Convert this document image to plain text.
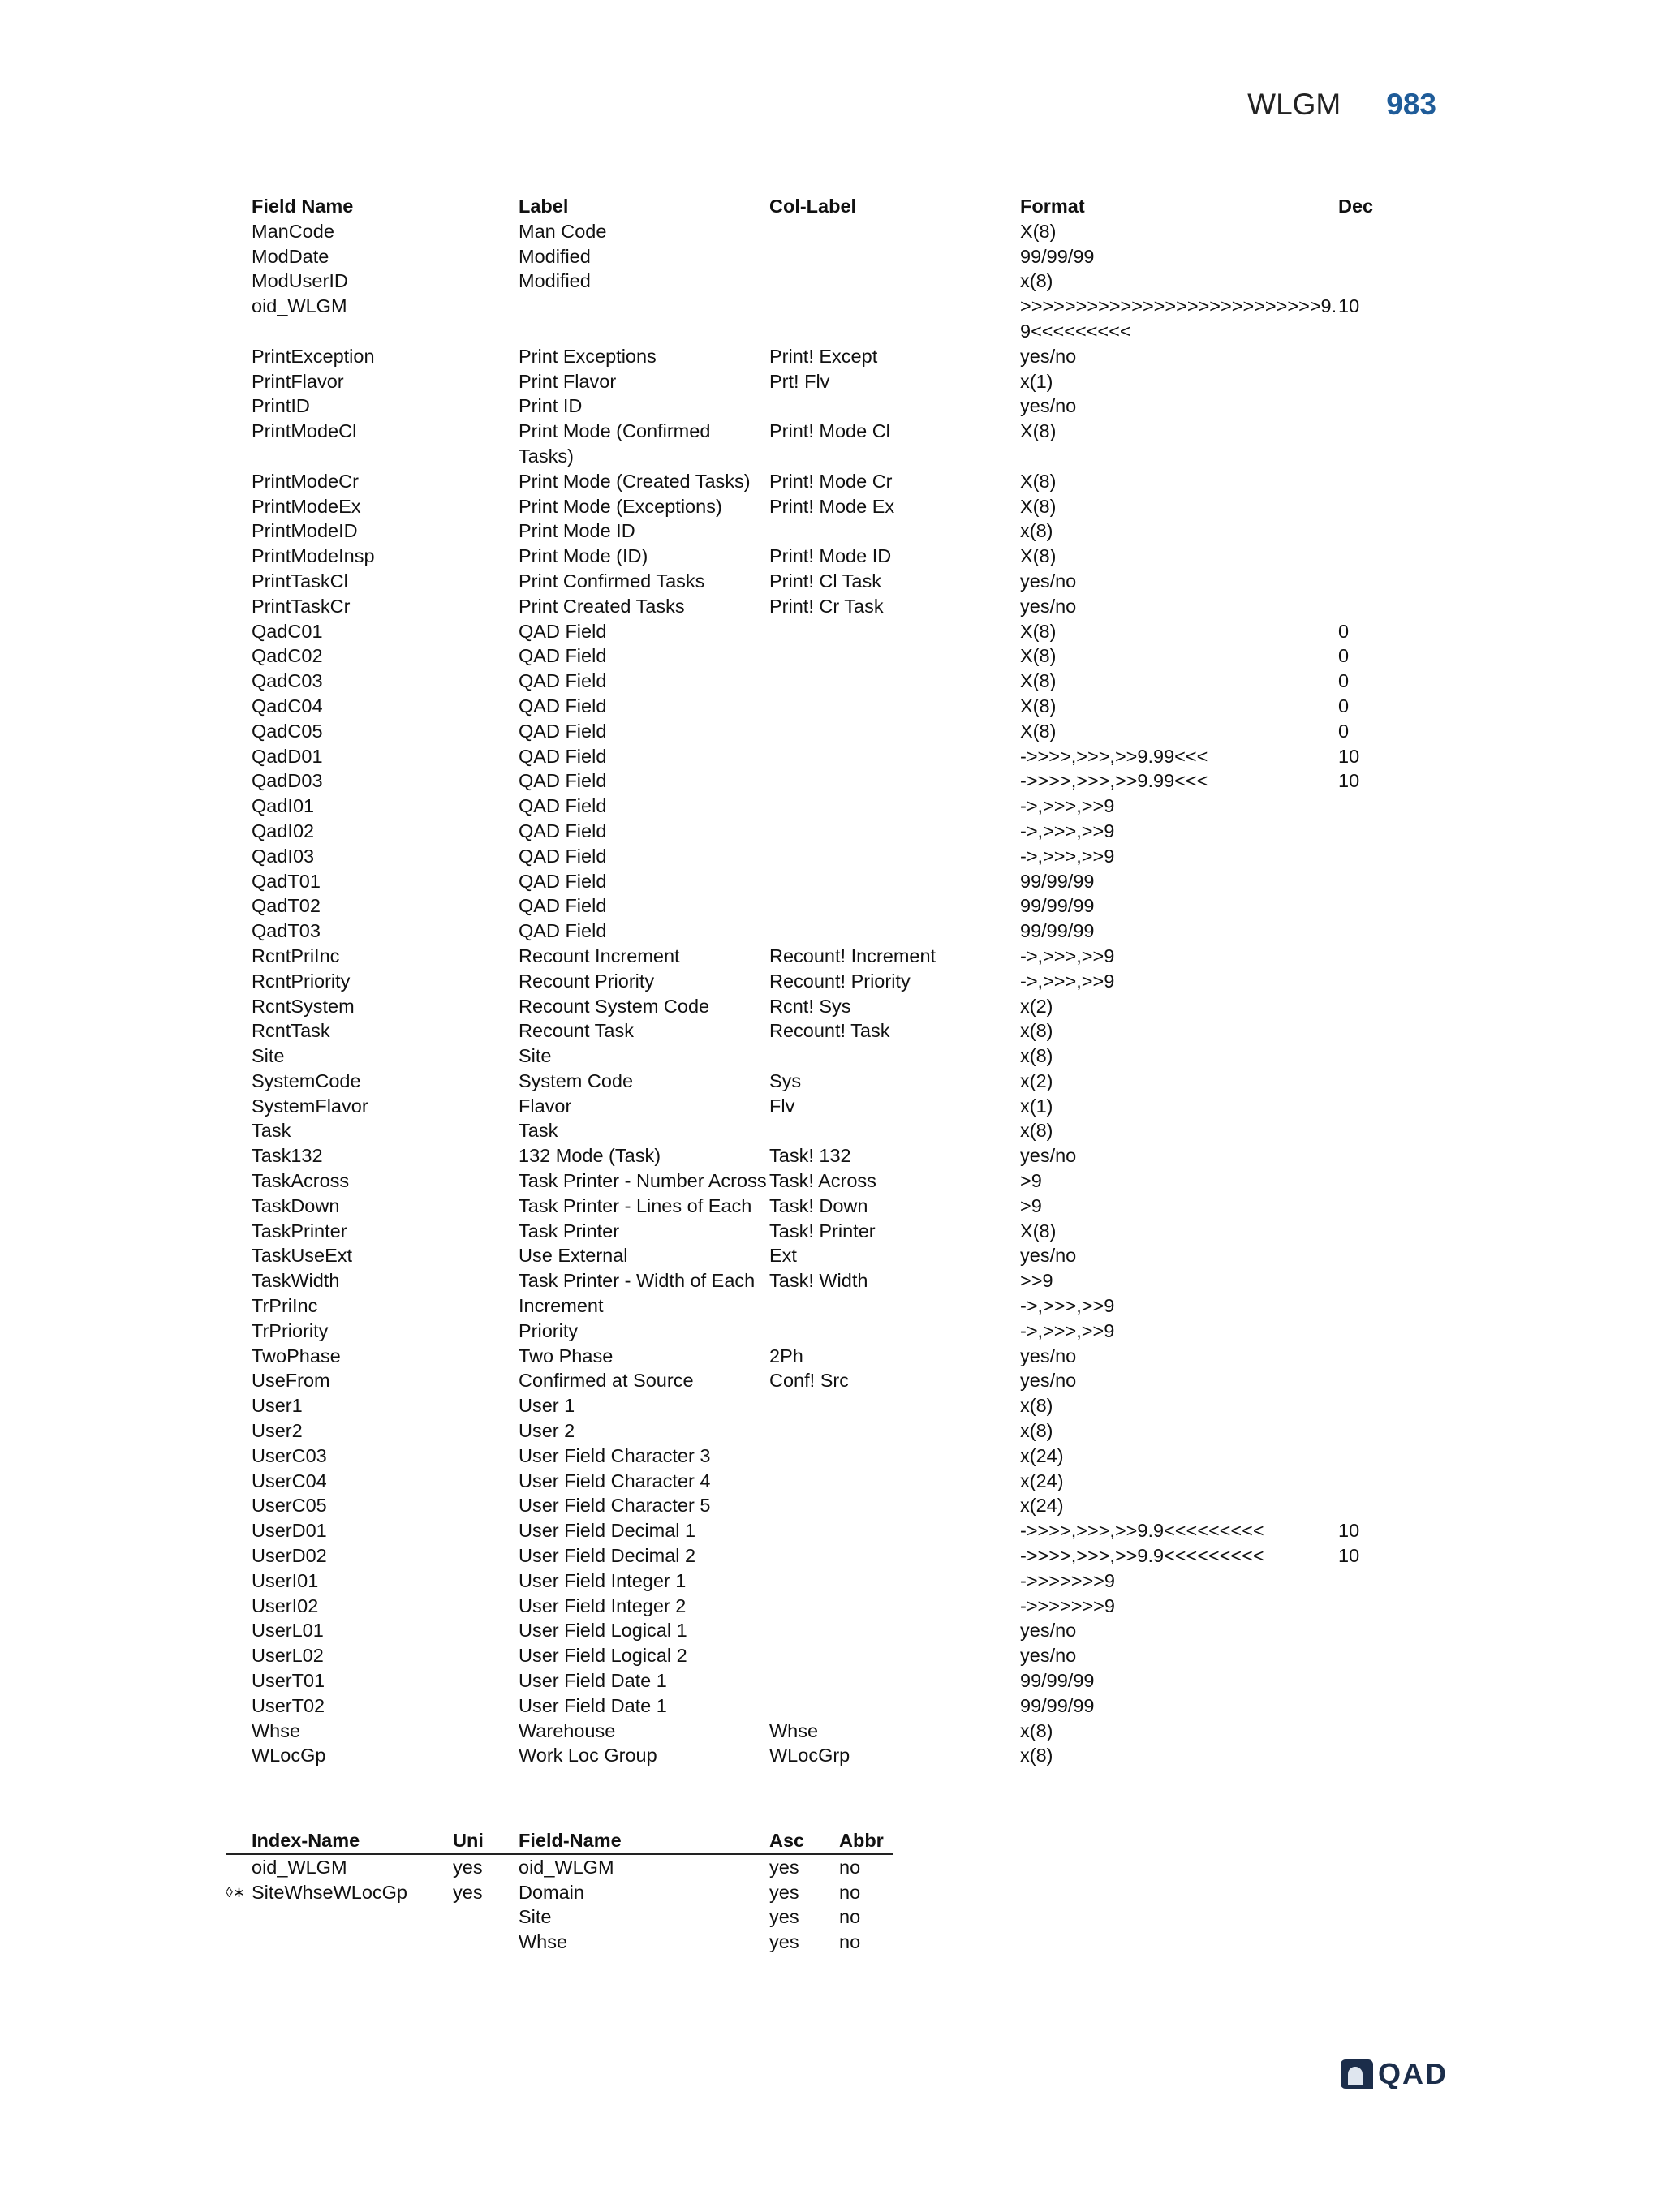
WLGM 983
Field Name	Label	Col-Label	Format	Dec
ManCode	Man Code		X(8)	
ModDate	Modified		99/99/99	
ModUserID	Modified		x(8)	
oid_WLGM			>>>>>>>>>>>>>>>>>>>>>>>>>>>9.9<<<<<<<<<	10
PrintException	Print Exceptions	Print! Except	yes/no	
PrintFlavor	Print Flavor	Prt! Flv	x(1)	
PrintID	Print ID		yes/no	
PrintModeCl	Print Mode (Confirmed Tasks)	Print! Mode Cl	X(8)	
PrintModeCr	Print Mode (Created Tasks)	Print! Mode Cr	X(8)	
PrintModeEx	Print Mode (Exceptions)	Print! Mode Ex	X(8)	
PrintModeID	Print Mode ID		x(8)	
PrintModeInsp	Print Mode (ID)	Print! Mode ID	X(8)	
PrintTaskCl	Print Confirmed Tasks	Print! Cl Task	yes/no	
PrintTaskCr	Print Created Tasks	Print! Cr Task	yes/no	
QadC01	QAD Field		X(8)	0
QadC02	QAD Field		X(8)	0
QadC03	QAD Field		X(8)	0
QadC04	QAD Field		X(8)	0
QadC05	QAD Field		X(8)	0
QadD01	QAD Field		->>>>,>>>,>>9.99<<<	10
QadD03	QAD Field		->>>>,>>>,>>9.99<<<	10
QadI01	QAD Field		->,>>>,>>9	
QadI02	QAD Field		->,>>>,>>9	
QadI03	QAD Field		->,>>>,>>9	
QadT01	QAD Field		99/99/99	
QadT02	QAD Field		99/99/99	
QadT03	QAD Field		99/99/99	
RcntPriInc	Recount Increment	Recount! Increment	->,>>>,>>9	
RcntPriority	Recount Priority	Recount! Priority	->,>>>,>>9	
RcntSystem	Recount System Code	Rcnt! Sys	x(2)	
RcntTask	Recount Task	Recount! Task	x(8)	
Site	Site		x(8)	
SystemCode	System Code	Sys	x(2)	
SystemFlavor	Flavor	Flv	x(1)	
Task	Task		x(8)	
Task132	132 Mode (Task)	Task! 132	yes/no	
TaskAcross	Task Printer - Number Across	Task! Across	>9	
TaskDown	Task Printer - Lines of Each	Task! Down	>9	
TaskPrinter	Task Printer	Task! Printer	X(8)	
TaskUseExt	Use External	Ext	yes/no	
TaskWidth	Task Printer - Width of Each	Task! Width	>>9	
TrPriInc	Increment		->,>>>,>>9	
TrPriority	Priority		->,>>>,>>9	
TwoPhase	Two Phase	2Ph	yes/no	
UseFrom	Confirmed at Source	Conf! Src	yes/no	
User1	User 1		x(8)	
User2	User 2		x(8)	
UserC03	User Field Character 3		x(24)	
UserC04	User Field Character 4		x(24)	
UserC05	User Field Character 5		x(24)	
UserD01	User Field Decimal 1		->>>>,>>>,>>9.9<<<<<<<<<	10
UserD02	User Field Decimal 2		->>>>,>>>,>>9.9<<<<<<<<<	10
UserI01	User Field Integer 1		->>>>>>>9	
UserI02	User Field Integer 2		->>>>>>>9	
UserL01	User Field Logical 1		yes/no	
UserL02	User Field Logical 2		yes/no	
UserT01	User Field Date 1		99/99/99	
UserT02	User Field Date 1		99/99/99	
Whse	Warehouse	Whse	x(8)	
WLocGp	Work Loc Group	WLocGrp	x(8)	
	Index-Name	Uni	Field-Name	Asc	Abbr
	oid_WLGM	yes	oid_WLGM	yes	no
◊∗	SiteWhseWLocGp	yes	Domain	yes	no
			Site	yes	no
			Whse	yes	no
QAD
